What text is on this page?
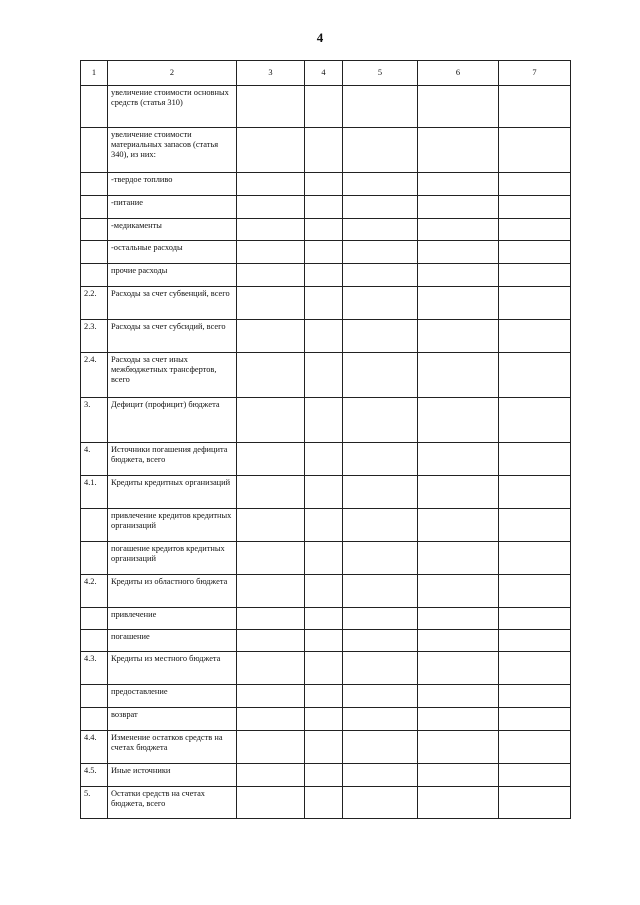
4
1	2	3	4	5	6	7
	увеличение стоимости основных средств (статья 310)					
	увеличение стоимости материальных запасов (статья 340), из них:					
	-твердое топливо					
	-питание					
	-медикаменты					
	-остальные расходы					
	прочие расходы					
2.2.	Расходы за счет субвенций, всего					
2.3.	Расходы за счет субсидий, всего					
2.4.	Расходы за счет иных межбюджетных трансфертов, всего					
3.	Дефицит (профицит) бюджета					
4.	Источники погашения дефицита бюджета, всего					
4.1.	Кредиты кредитных организаций					
	привлечение кредитов кредитных организаций					
	погашение кредитов кредитных организаций					
4.2.	Кредиты из областного бюджета					
	привлечение					
	погашение					
4.3.	Кредиты из местного бюджета					
	предоставление					
	возврат					
4.4.	Изменение остатков средств на счетах бюджета					
4.5.	Иные источники					
5.	Остатки средств на счетах бюджета, всего					
